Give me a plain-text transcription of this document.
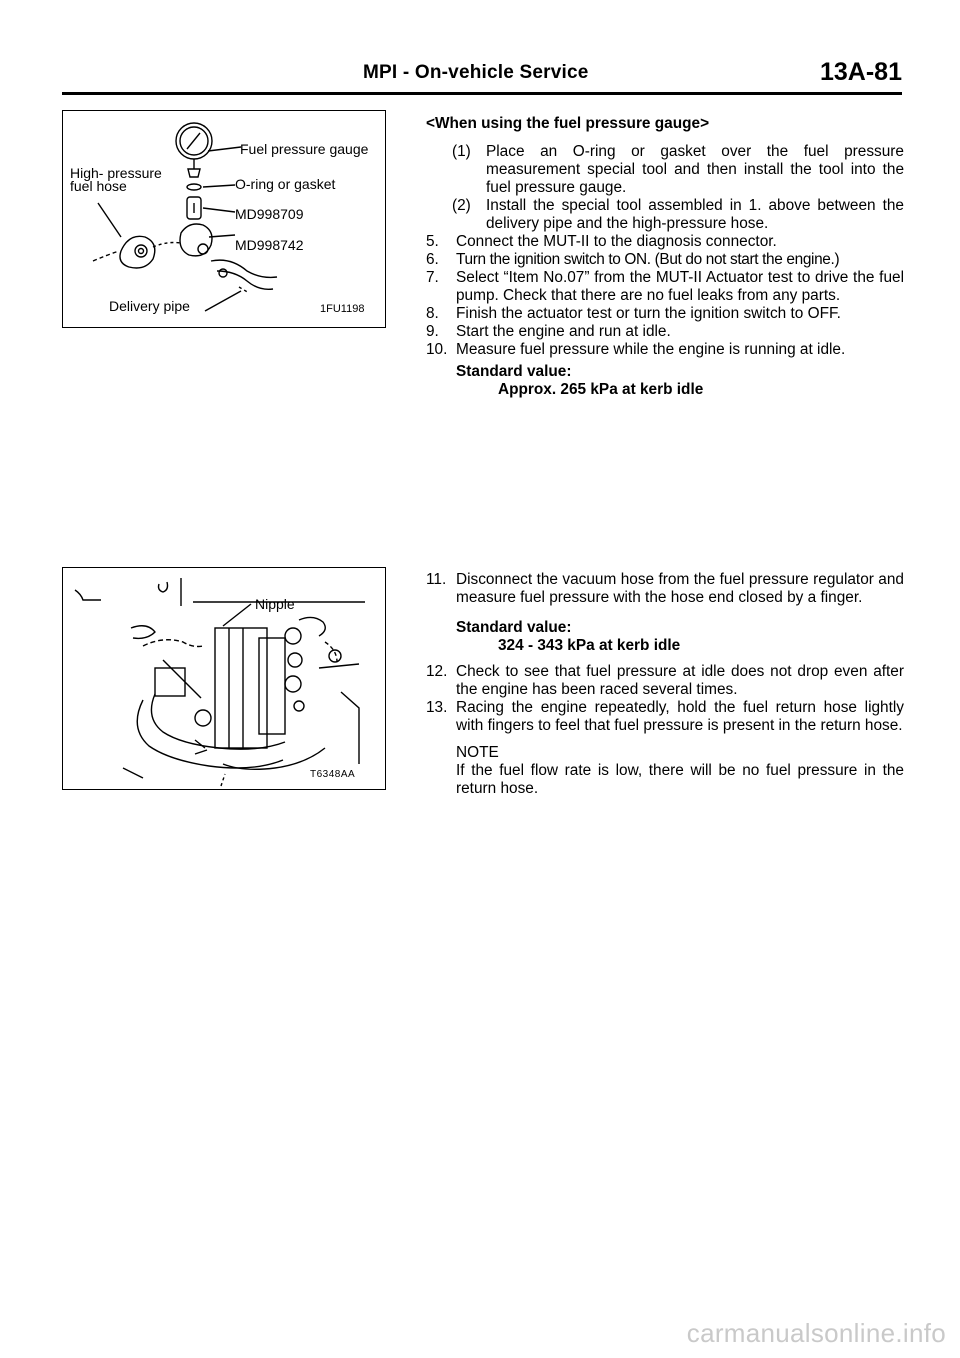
MPI - On-vehicle Service	13A-81
Fuel pressure gauge
High- pressure
fuel hose	O-ring or gasket
MD998709
MD998742
Delivery pipe	1FU1198
Nipple
T6348AA
<When using the fuel pressure gauge>
(1) Place an O-ring or gasket over the fuel pressure measurement special tool and then install the tool into the fuel pressure gauge.
(2) Install the special tool assembled in 1. above between the delivery pipe and the high-pressure hose.
5. Connect the MUT-II to the diagnosis connector.
6. Turn the ignition switch to ON. (But do not start the engine.)
7. Select “Item No.07” from the MUT-II Actuator test to drive the fuel pump. Check that there are no fuel leaks from any parts.
8. Finish the actuator test or turn the ignition switch to OFF.
9. Start the engine and run at idle.
10. Measure fuel pressure while the engine is running at idle.
Standard value:
Approx. 265 kPa at kerb idle
11. Disconnect the vacuum hose from the fuel pressure regulator and measure fuel pressure with the hose end closed by a finger.
Standard value:
324 - 343 kPa at kerb idle
12. Check to see that fuel pressure at idle does not drop even after the engine has been raced several times.
13. Racing the engine repeatedly, hold the fuel return hose lightly with fingers to feel that fuel pressure is present in the return hose.
NOTE
If the fuel flow rate is low, there will be no fuel pressure in the return hose.
carmanualsonline.info
